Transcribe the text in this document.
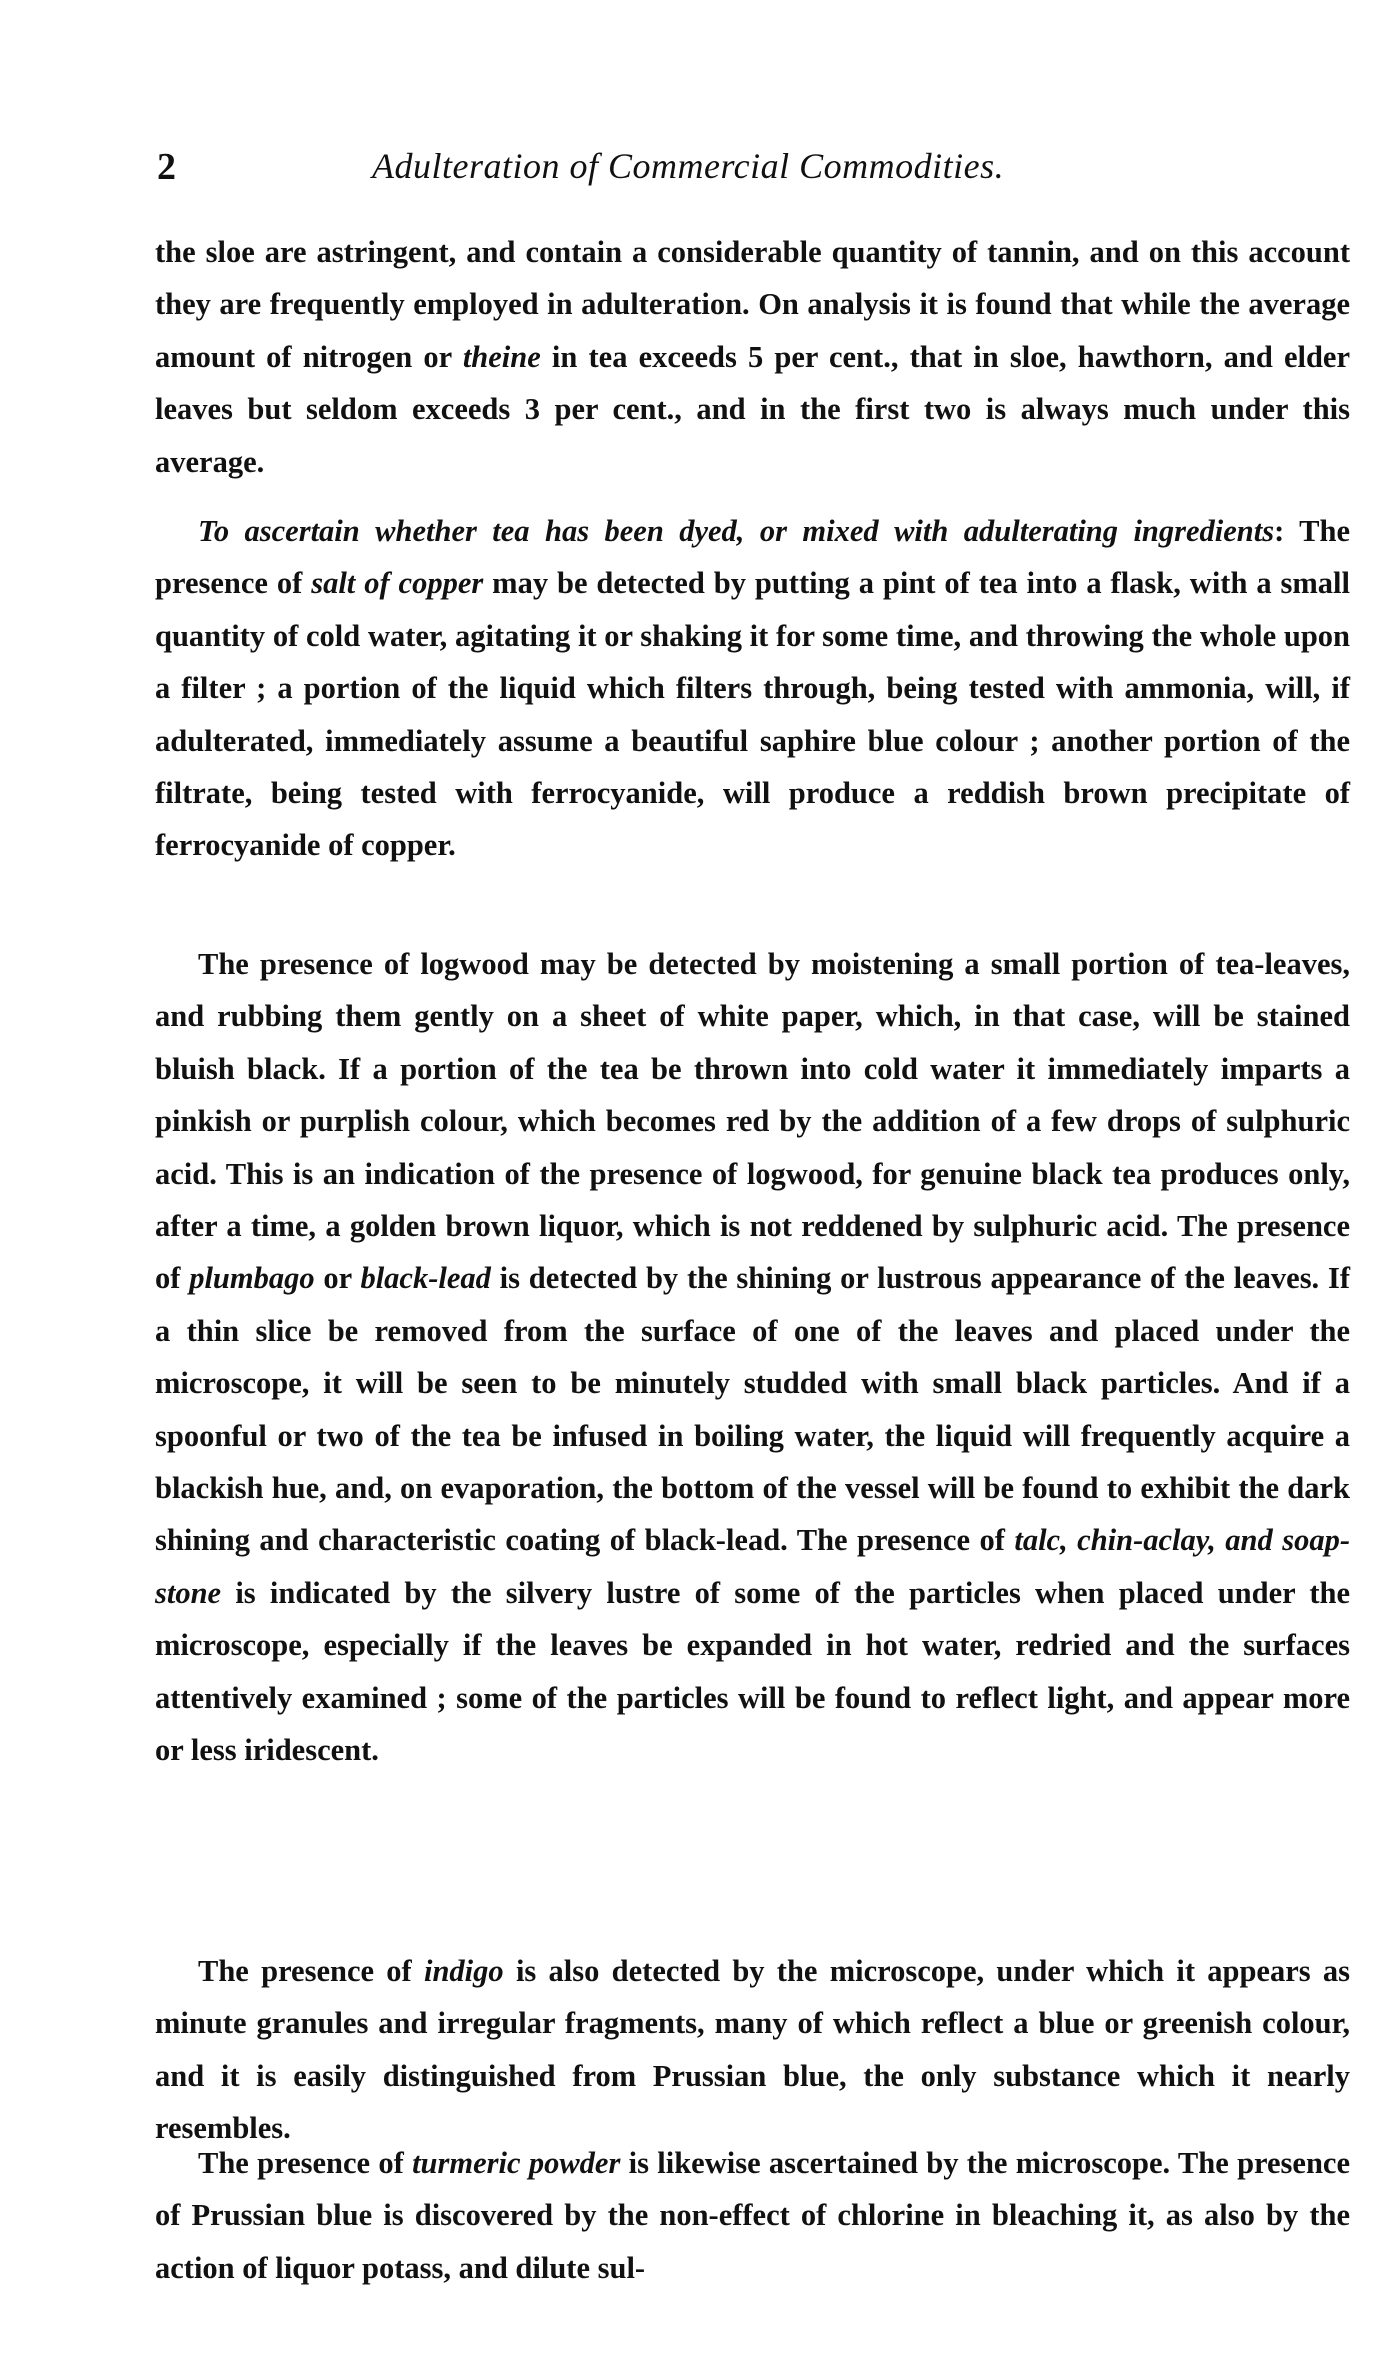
2	Adulteration of Commercial Commodities.

the sloe are astringent, and contain a considerable quantity of tannin, and on this account they are frequently employed in adulteration. On analysis it is found that while the average amount of nitrogen or theine in tea exceeds 5 per cent., that in sloe, hawthorn, and elder leaves but seldom exceeds 3 per cent., and in the first two is always much under this average.

To ascertain whether tea has been dyed, or mixed with adulterating ingredients: The presence of salt of copper may be detected by putting a pint of tea into a flask, with a small quantity of cold water, agitating it or shaking it for some time, and throwing the whole upon a filter ; a portion of the liquid which filters through, being tested with ammonia, will, if adulterated, immediately assume a beautiful saphire blue colour ; another portion of the filtrate, being tested with ferrocyanide, will produce a reddish brown precipitate of ferrocyanide of copper.

The presence of logwood may be detected by moistening a small portion of tea-leaves, and rubbing them gently on a sheet of white paper, which, in that case, will be stained bluish black. If a portion of the tea be thrown into cold water it immediately imparts a pinkish or purplish colour, which becomes red by the addition of a few drops of sulphuric acid. This is an indication of the presence of logwood, for genuine black tea produces only, after a time, a golden brown liquor, which is not reddened by sulphuric acid. The presence of plumbago or black-lead is detected by the shining or lustrous appearance of the leaves. If a thin slice be removed from the surface of one of the leaves and placed under the microscope, it will be seen to be minutely studded with small black particles. And if a spoonful or two of the tea be infused in boiling water, the liquid will frequently acquire a blackish hue, and, on evaporation, the bottom of the vessel will be found to exhibit the dark shining and characteristic coating of black-lead. The presence of talc, chin-aclay, and soap-stone is indicated by the silvery lustre of some of the particles when placed under the microscope, especially if the leaves be expanded in hot water, redried and the surfaces attentively examined ; some of the particles will be found to reflect light, and appear more or less iridescent.

The presence of indigo is also detected by the microscope, under which it appears as minute granules and irregular fragments, many of which reflect a blue or greenish colour, and it is easily distinguished from Prussian blue, the only substance which it nearly resembles.

The presence of turmeric powder is likewise ascertained by the microscope. The presence of Prussian blue is discovered by the non-effect of chlorine in bleaching it, as also by the action of liquor potass, and dilute sul-
